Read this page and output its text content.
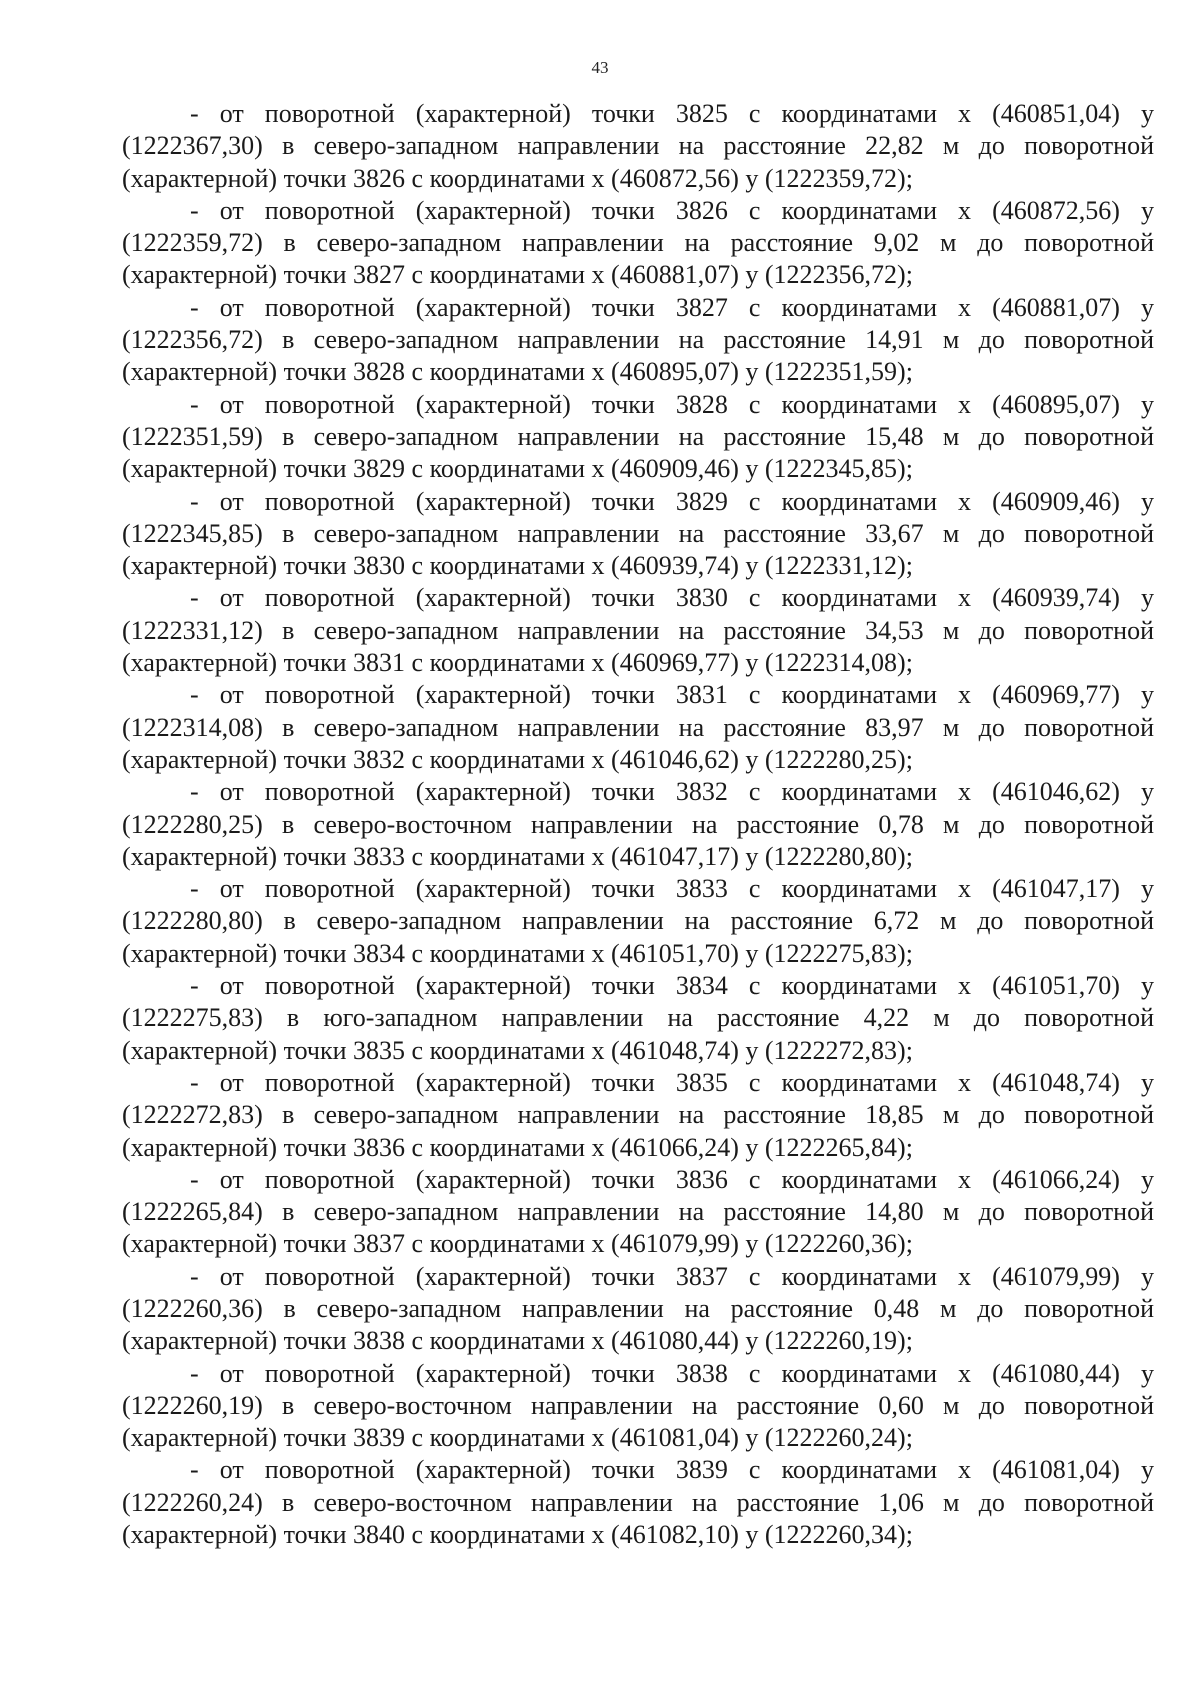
43

- от поворотной (характерной) точки 3825 с координатами x (460851,04) y (1222367,30) в северо-западном направлении на расстояние 22,82 м до поворотной (характерной) точки 3826 с координатами x (460872,56) y (1222359,72);

- от поворотной (характерной) точки 3826 с координатами x (460872,56) y (1222359,72) в северо-западном направлении на расстояние 9,02 м до поворотной (характерной) точки 3827 с координатами x (460881,07) y (1222356,72);

- от поворотной (характерной) точки 3827 с координатами x (460881,07) y (1222356,72) в северо-западном направлении на расстояние 14,91 м до поворотной (характерной) точки 3828 с координатами x (460895,07) y (1222351,59);

- от поворотной (характерной) точки 3828 с координатами x (460895,07) y (1222351,59) в северо-западном направлении на расстояние 15,48 м до поворотной (характерной) точки 3829 с координатами x (460909,46) y (1222345,85);

- от поворотной (характерной) точки 3829 с координатами x (460909,46) y (1222345,85) в северо-западном направлении на расстояние 33,67 м до поворотной (характерной) точки 3830 с координатами x (460939,74) y (1222331,12);

- от поворотной (характерной) точки 3830 с координатами x (460939,74) y (1222331,12) в северо-западном направлении на расстояние 34,53 м до поворотной (характерной) точки 3831 с координатами x (460969,77) y (1222314,08);

- от поворотной (характерной) точки 3831 с координатами x (460969,77) y (1222314,08) в северо-западном направлении на расстояние 83,97 м до поворотной (характерной) точки 3832 с координатами x (461046,62) y (1222280,25);

- от поворотной (характерной) точки 3832 с координатами x (461046,62) y (1222280,25) в северо-восточном направлении на расстояние 0,78 м до поворотной (характерной) точки 3833 с координатами x (461047,17) y (1222280,80);

- от поворотной (характерной) точки 3833 с координатами x (461047,17) y (1222280,80) в северо-западном направлении на расстояние 6,72 м до поворотной (характерной) точки 3834 с координатами x (461051,70) y (1222275,83);

- от поворотной (характерной) точки 3834 с координатами x (461051,70) y (1222275,83) в юго-западном направлении на расстояние 4,22 м до поворотной (характерной) точки 3835 с координатами x (461048,74) y (1222272,83);

- от поворотной (характерной) точки 3835 с координатами x (461048,74) y (1222272,83) в северо-западном направлении на расстояние 18,85 м до поворотной (характерной) точки 3836 с координатами x (461066,24) y (1222265,84);

- от поворотной (характерной) точки 3836 с координатами x (461066,24) y (1222265,84) в северо-западном направлении на расстояние 14,80 м до поворотной (характерной) точки 3837 с координатами x (461079,99) y (1222260,36);

- от поворотной (характерной) точки 3837 с координатами x (461079,99) y (1222260,36) в северо-западном направлении на расстояние 0,48 м до поворотной (характерной) точки 3838 с координатами x (461080,44) y (1222260,19);

- от поворотной (характерной) точки 3838 с координатами x (461080,44) y (1222260,19) в северо-восточном направлении на расстояние 0,60 м до поворотной (характерной) точки 3839 с координатами x (461081,04) y (1222260,24);

- от поворотной (характерной) точки 3839 с координатами x (461081,04) y (1222260,24) в северо-восточном направлении на расстояние 1,06 м до поворотной (характерной) точки 3840 с координатами x (461082,10) y (1222260,34);
